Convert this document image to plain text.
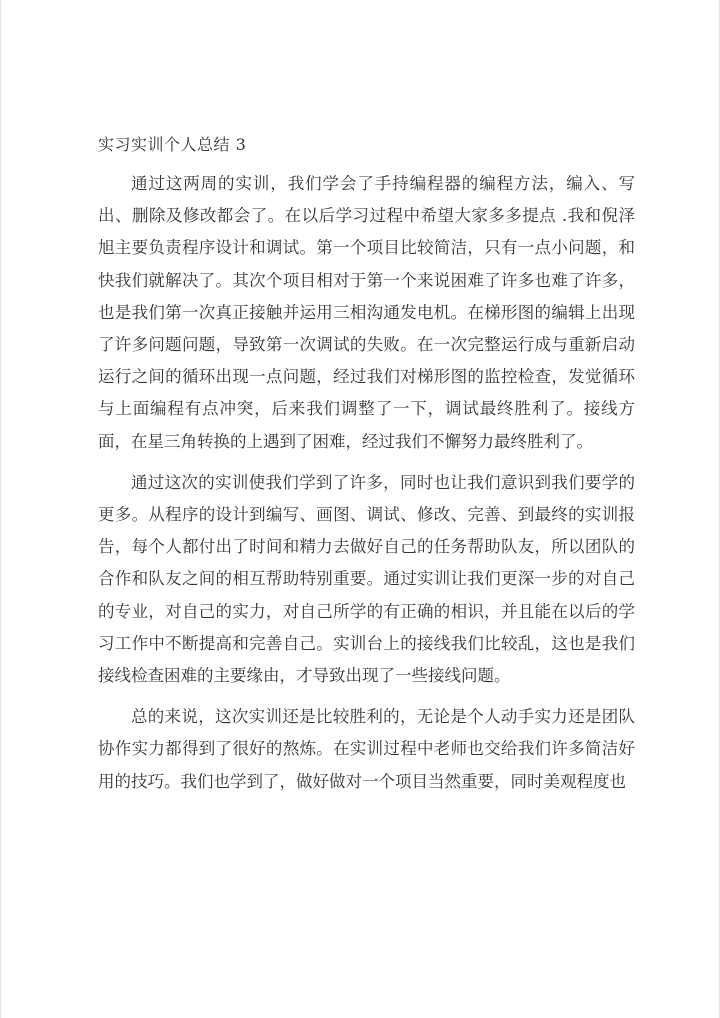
实习实训个人总结 3

通过这两周的实训，我们学会了手持编程器的编程方法，编入、写出、删除及修改都会了。在以后学习过程中希望大家多多提点 .我和倪泽旭主要负责程序设计和调试。第一个项目比较简洁，只有一点小问题，和快我们就解决了。其次个项目相对于第一个来说困难了许多也难了许多，也是我们第一次真正接触并运用三相沟通发电机。在梯形图的编辑上出现了许多问题问题，导致第一次调试的失败。在一次完整运行成与重新启动运行之间的循环出现一点问题，经过我们对梯形图的监控检查，发觉循环与上面编程有点冲突，后来我们调整了一下，调试最终胜利了。接线方面，在星三角转换的上遇到了困难，经过我们不懈努力最终胜利了。

通过这次的实训使我们学到了许多，同时也让我们意识到我们要学的更多。从程序的设计到编写、画图、调试、修改、完善、到最终的实训报告，每个人都付出了时间和精力去做好自己的任务帮助队友，所以团队的合作和队友之间的相互帮助特别重要。通过实训让我们更深一步的对自己的专业，对自己的实力，对自己所学的有正确的相识，并且能在以后的学习工作中不断提高和完善自己。实训台上的接线我们比较乱，这也是我们接线检查困难的主要缘由，才导致出现了一些接线问题。

总的来说，这次实训还是比较胜利的，无论是个人动手实力还是团队协作实力都得到了很好的熬炼。在实训过程中老师也交给我们许多简洁好用的技巧。我们也学到了，做好做对一个项目当然重要，同时美观程度也
